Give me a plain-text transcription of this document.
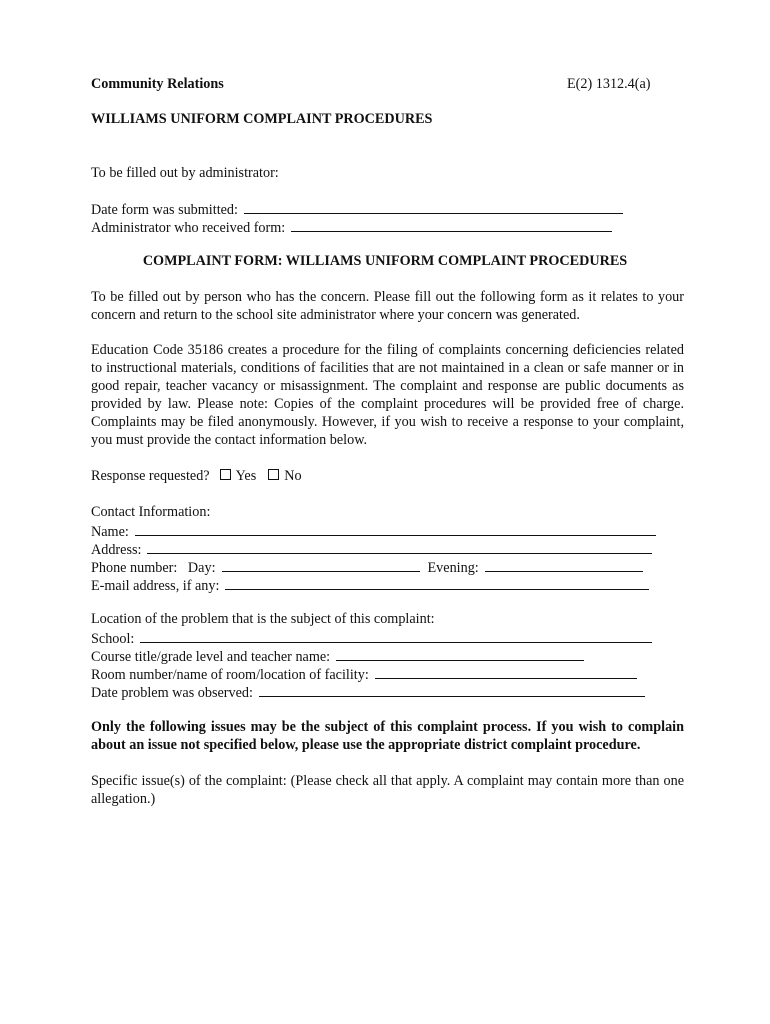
Community Relations	E(2) 1312.4(a)
WILLIAMS UNIFORM COMPLAINT PROCEDURES
To be filled out by administrator:
Date form was submitted:
Administrator who received form:
COMPLAINT FORM: WILLIAMS UNIFORM COMPLAINT PROCEDURES
To be filled out by person who has the concern. Please fill out the following form as it relates to your concern and return to the school site administrator where your concern was generated.
Education Code 35186 creates a procedure for the filing of complaints concerning deficiencies related to instructional materials, conditions of facilities that are not maintained in a clean or safe manner or in good repair, teacher vacancy or misassignment. The complaint and response are public documents as provided by law. Please note: Copies of the complaint procedures will be provided free of charge. Complaints may be filed anonymously. However, if you wish to receive a response to your complaint, you must provide the contact information below.
Response requested? Yes No
Contact Information:
Name:
Address:
Phone number:   Day:	Evening:
E-mail address, if any:
Location of the problem that is the subject of this complaint:
School:
Course title/grade level and teacher name:
Room number/name of room/location of facility:
Date problem was observed:
Only the following issues may be the subject of this complaint process. If you wish to complain about an issue not specified below, please use the appropriate district complaint procedure.
Specific issue(s) of the complaint: (Please check all that apply. A complaint may contain more than one allegation.)
